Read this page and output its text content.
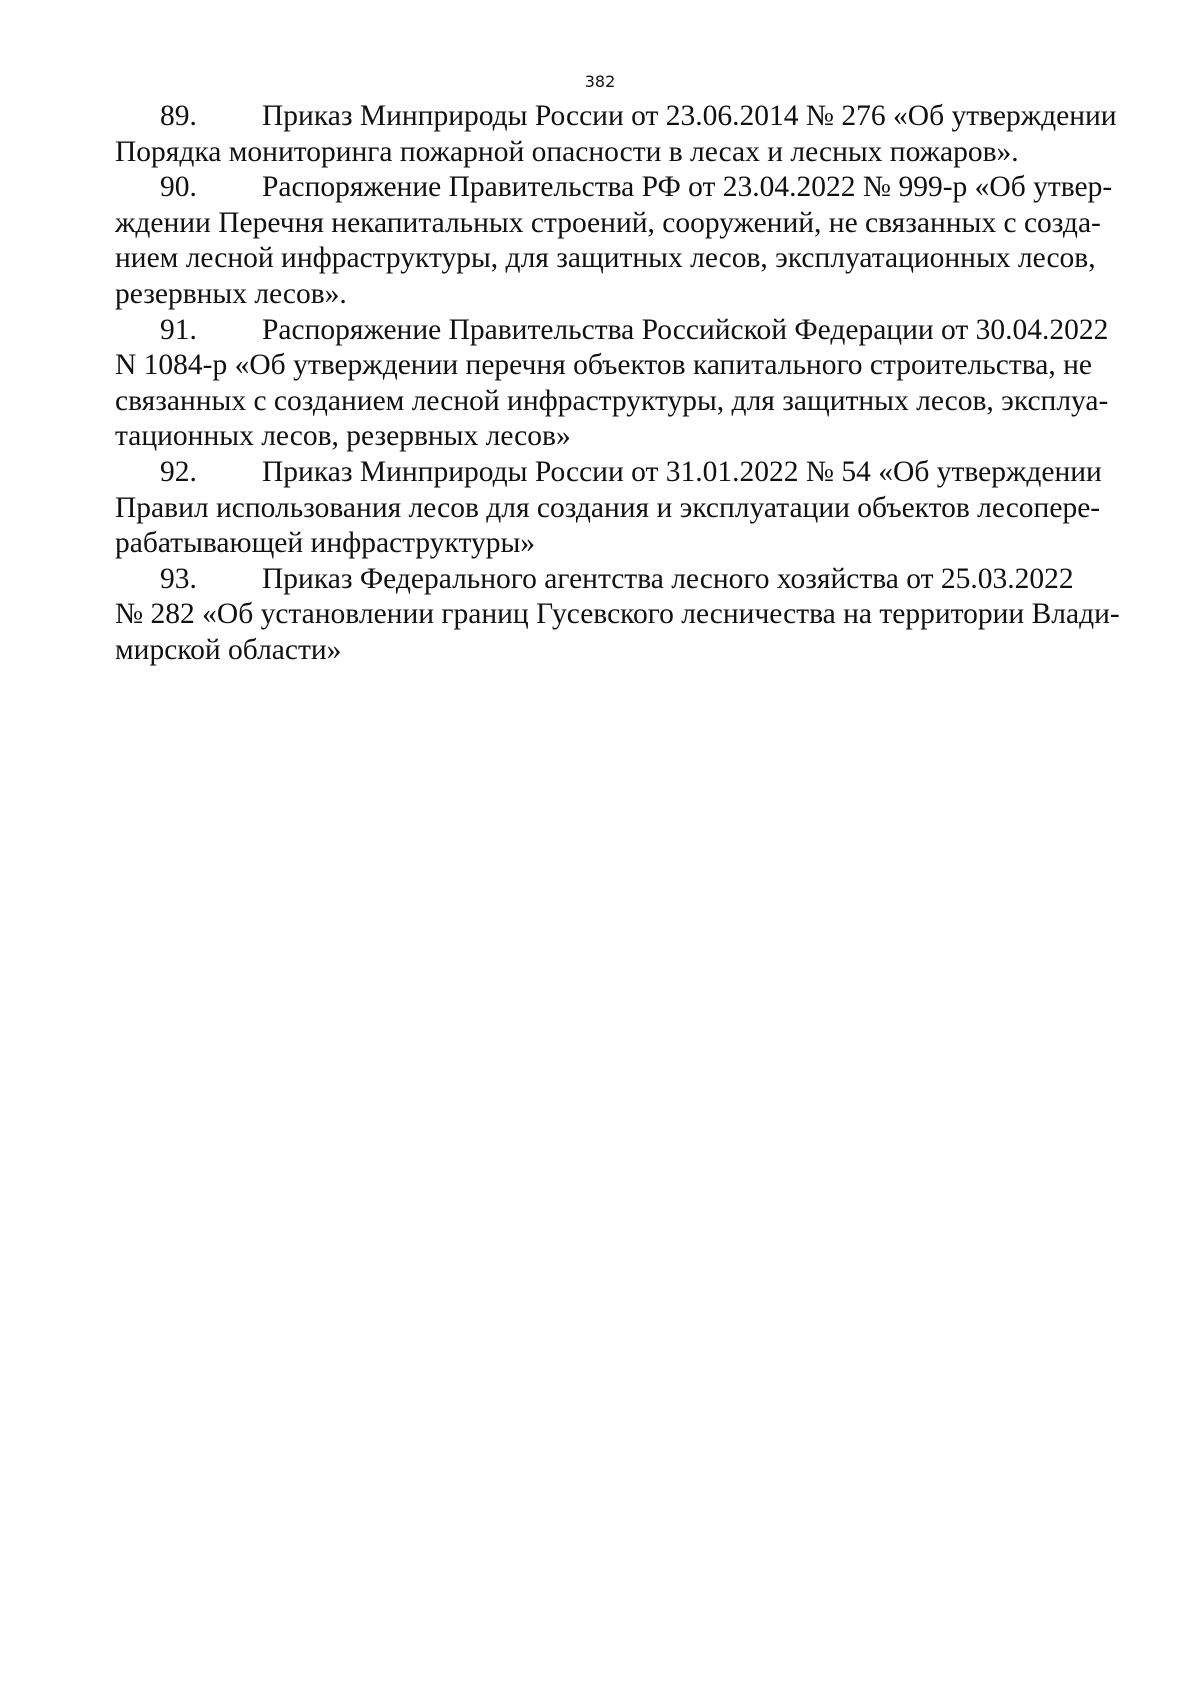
382
89. Приказ Минприроды России от 23.06.2014 № 276 «Об утверждении
Порядка мониторинга пожарной опасности в лесах и лесных пожаров».
90. Распоряжение Правительства РФ от 23.04.2022 № 999-р «Об утвер-
ждении Перечня некапитальных строений, сооружений, не связанных с созда-
нием лесной инфраструктуры, для защитных лесов, эксплуатационных лесов,
резервных лесов».
91. Распоряжение Правительства Российской Федерации от 30.04.2022
N 1084-р «Об утверждении перечня объектов капитального строительства, не
связанных с созданием лесной инфраструктуры, для защитных лесов, эксплуа-
тационных лесов, резервных лесов»
92. Приказ Минприроды России от 31.01.2022 № 54 «Об утверждении
Правил использования лесов для создания и эксплуатации объектов лесопере-
рабатывающей инфраструктуры»
93. Приказ Федерального агентства лесного хозяйства от 25.03.2022
№ 282 «Об установлении границ Гусевского лесничества на территории Влади-
мирской области»
